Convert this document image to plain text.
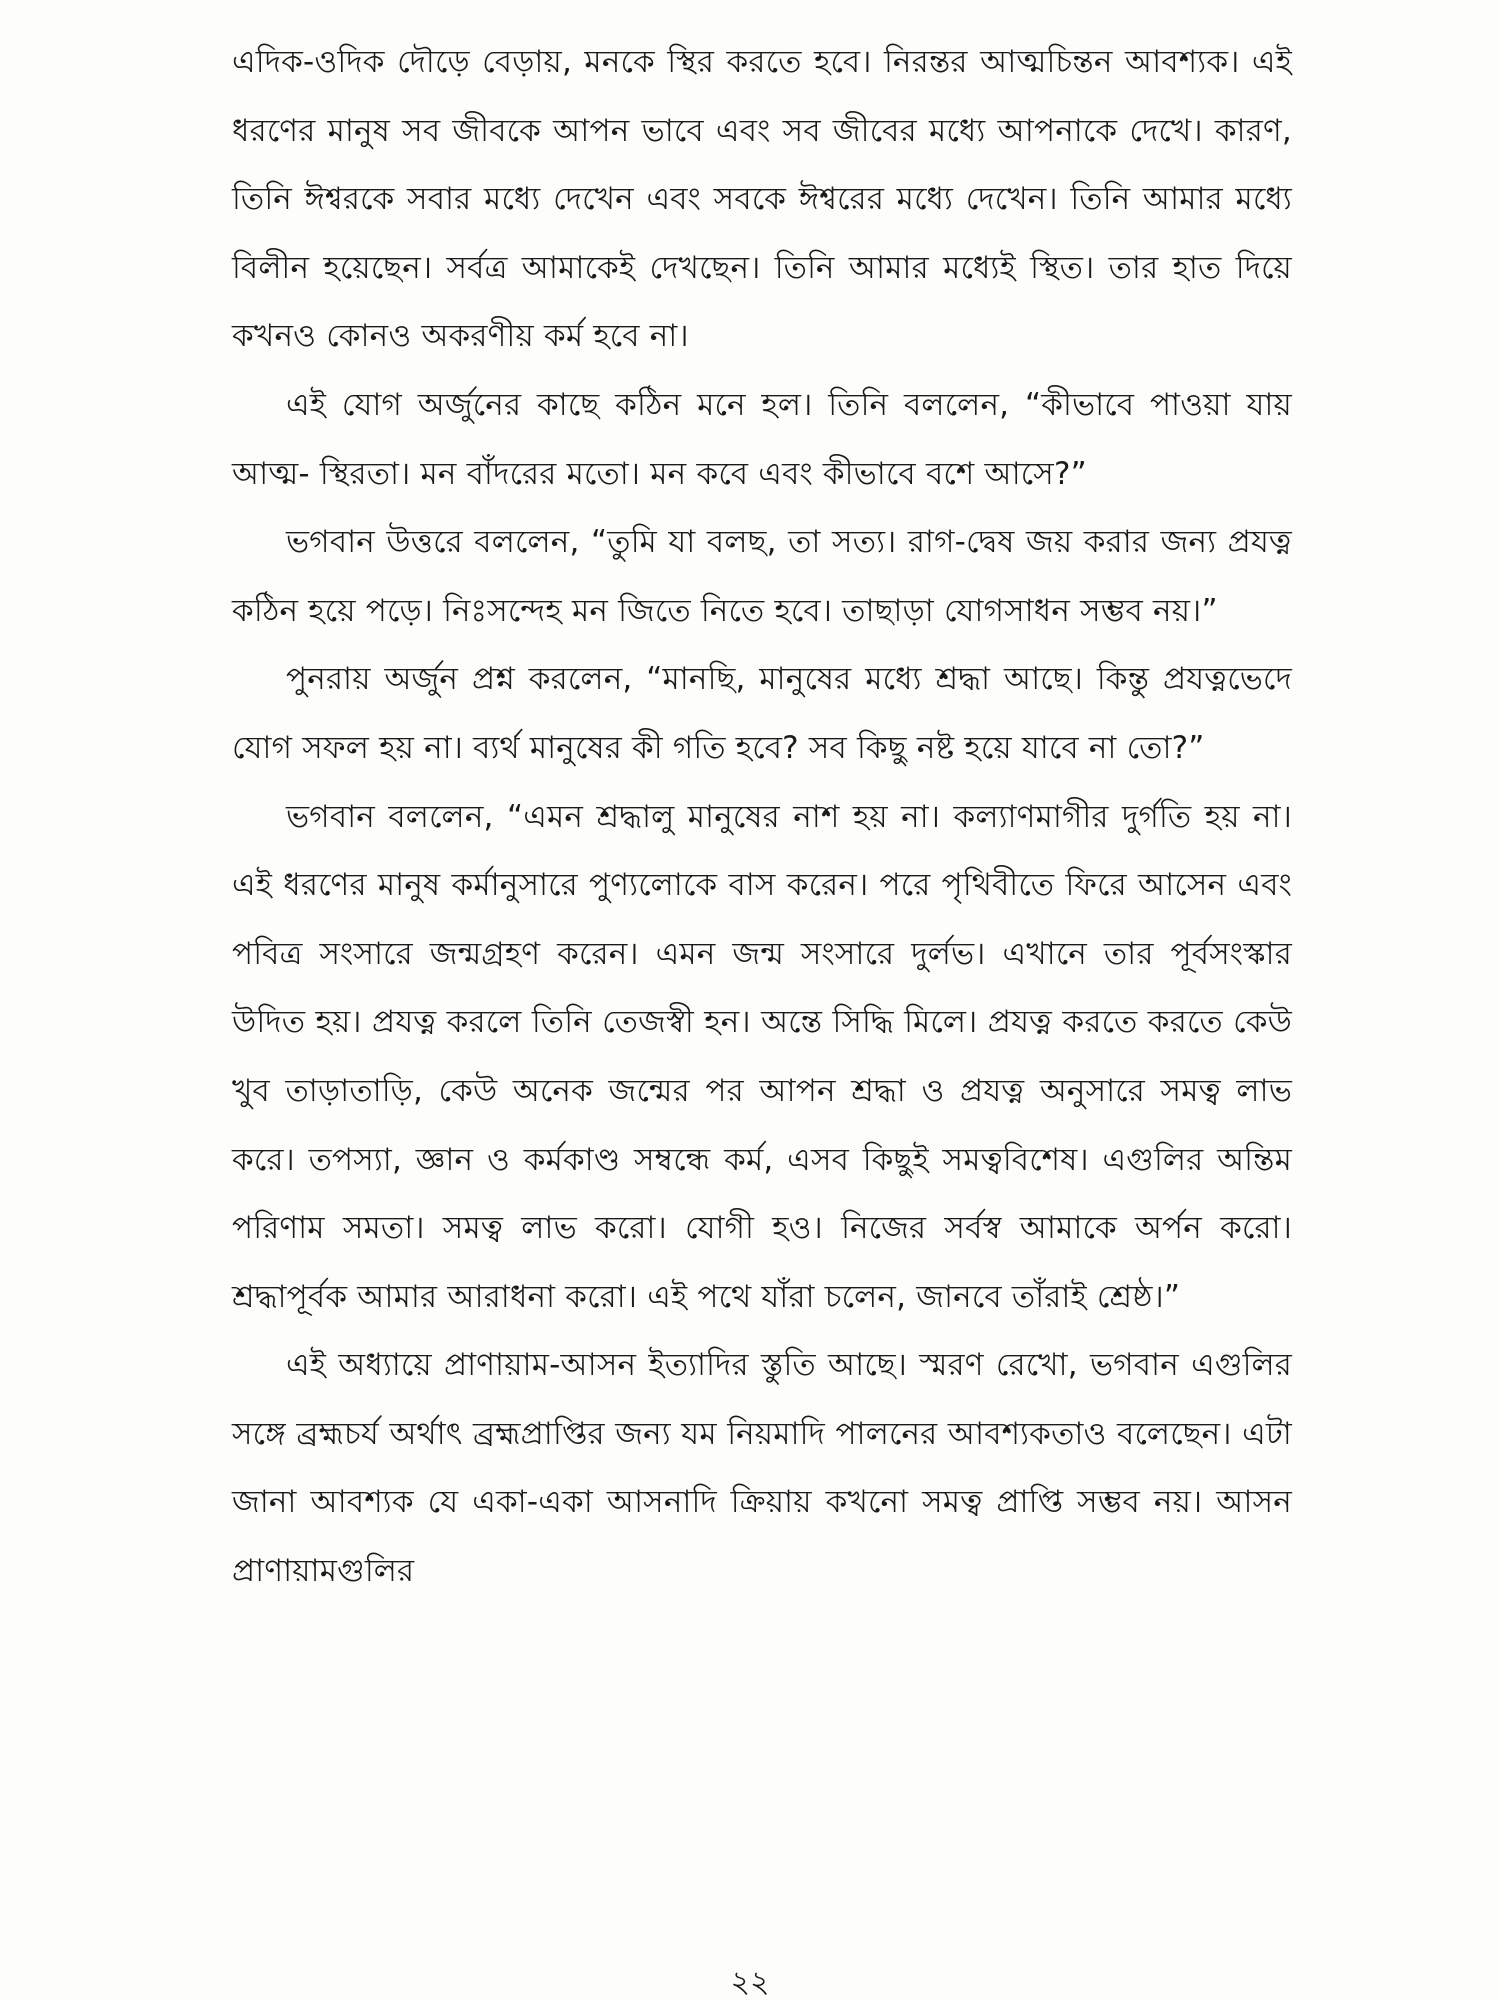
এদিক-ওদিক দৌড়ে বেড়ায়, মনকে স্থির করতে হবে। নিরন্তর আত্মচিন্তন আবশ্যক। এই ধরণের মানুষ সব জীবকে আপন ভাবে এবং সব জীবের মধ্যে আপনাকে দেখে। কারণ, তিনি ঈশ্বরকে সবার মধ্যে দেখেন এবং সবকে ঈশ্বরের মধ্যে দেখেন। তিনি আমার মধ্যে বিলীন হয়েছেন। সর্বত্র আমাকেই দেখছেন। তিনি আমার মধ্যেই স্থিত। তার হাত দিয়ে কখনও কোনও অকরণীয় কর্ম হবে না।

এই যোগ অর্জুনের কাছে কঠিন মনে হল। তিনি বললেন, “কীভাবে পাওয়া যায় আত্ম- স্থিরতা। মন বাঁদরের মতো। মন কবে এবং কীভাবে বশে আসে?”

ভগবান উত্তরে বললেন, “তুমি যা বলছ, তা সত্য। রাগ-দ্বেষ জয় করার জন্য প্রযত্ন কঠিন হয়ে পড়ে। নিঃসন্দেহ মন জিতে নিতে হবে। তাছাড়া যোগসাধন সম্ভব নয়।”

পুনরায় অর্জুন প্রশ্ন করলেন, “মানছি, মানুষের মধ্যে শ্রদ্ধা আছে। কিন্তু প্রযত্নভেদে যোগ সফল হয় না। ব্যর্থ মানুষের কী গতি হবে? সব কিছু নষ্ট হয়ে যাবে না তো?”

ভগবান বললেন, “এমন শ্রদ্ধালু মানুষের নাশ হয় না। কল্যাণমাগীর দুর্গতি হয় না। এই ধরণের মানুষ কর্মানুসারে পুণ্যলোকে বাস করেন। পরে পৃথিবীতে ফিরে আসেন এবং পবিত্র সংসারে জন্মগ্রহণ করেন। এমন জন্ম সংসারে দুর্লভ। এখানে তার পূর্বসংস্কার উদিত হয়। প্রযত্ন করলে তিনি তেজস্বী হন। অন্তে সিদ্ধি মিলে। প্রযত্ন করতে করতে কেউ খুব তাড়াতাড়ি, কেউ অনেক জন্মের পর আপন শ্রদ্ধা ও প্রযত্ন অনুসারে সমত্ব লাভ করে। তপস্যা, জ্ঞান ও কর্মকাণ্ড সম্বন্ধে কর্ম, এসব কিছুই সমত্ববিশেষ। এগুলির অন্তিম পরিণাম সমতা। সমত্ব লাভ করো। যোগী হও। নিজের সর্বস্ব আমাকে অর্পন করো। শ্রদ্ধাপূর্বক আমার আরাধনা করো। এই পথে যাঁরা চলেন, জানবে তাঁরাই শ্রেষ্ঠ।”

এই অধ্যায়ে প্রাণায়াম-আসন ইত্যাদির স্তুতি আছে। স্মরণ রেখো, ভগবান এগুলির সঙ্গে ব্রহ্মচর্য অর্থাৎ ব্রহ্মপ্রাপ্তির জন্য যম নিয়মাদি পালনের আবশ্যকতাও বলেছেন। এটা জানা আবশ্যক যে একা-একা আসনাদি ক্রিয়ায় কখনো সমত্ব প্রাপ্তি সম্ভব নয়। আসন প্রাণায়ামগুলির

২২
